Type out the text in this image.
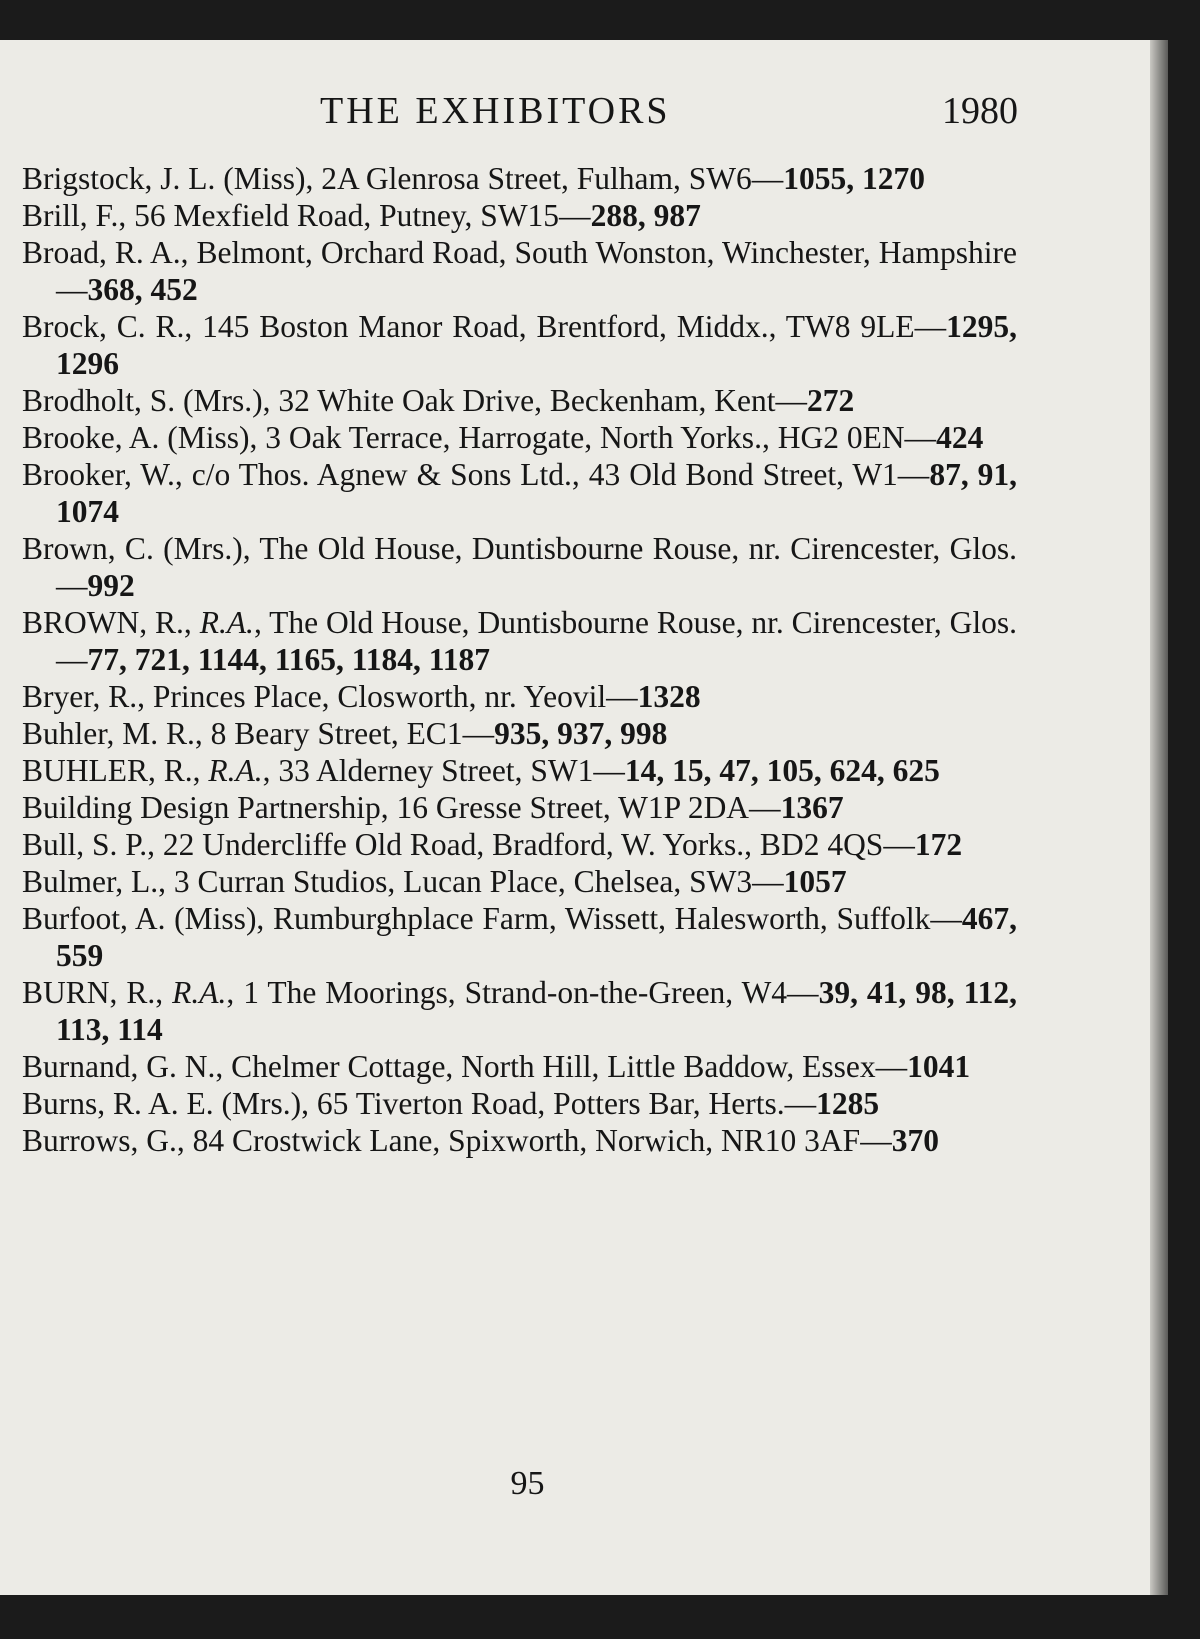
THE EXHIBITORS	1980

Brigstock, J. L. (Miss), 2A Glenrosa Street, Fulham, SW6—1055, 1270

Brill, F., 56 Mexfield Road, Putney, SW15—288, 987

Broad, R. A., Belmont, Orchard Road, South Wonston, Winchester, Hampshire—368, 452

Brock, C. R., 145 Boston Manor Road, Brentford, Middx., TW8 9LE—1295, 1296

Brodholt, S. (Mrs.), 32 White Oak Drive, Beckenham, Kent—272

Brooke, A. (Miss), 3 Oak Terrace, Harrogate, North Yorks., HG2 0EN—424

Brooker, W., c/o Thos. Agnew & Sons Ltd., 43 Old Bond Street, W1—87, 91, 1074

Brown, C. (Mrs.), The Old House, Duntisbourne Rouse, nr. Cirencester, Glos.—992

BROWN, R., R.A., The Old House, Duntisbourne Rouse, nr. Cirencester, Glos.—77, 721, 1144, 1165, 1184, 1187

Bryer, R., Princes Place, Closworth, nr. Yeovil—1328

Buhler, M. R., 8 Beary Street, EC1—935, 937, 998

BUHLER, R., R.A., 33 Alderney Street, SW1—14, 15, 47, 105, 624, 625

Building Design Partnership, 16 Gresse Street, W1P 2DA—1367

Bull, S. P., 22 Undercliffe Old Road, Bradford, W. Yorks., BD2 4QS—172

Bulmer, L., 3 Curran Studios, Lucan Place, Chelsea, SW3—1057

Burfoot, A. (Miss), Rumburghplace Farm, Wissett, Halesworth, Suffolk—467, 559

BURN, R., R.A., 1 The Moorings, Strand-on-the-Green, W4—39, 41, 98, 112, 113, 114

Burnand, G. N., Chelmer Cottage, North Hill, Little Baddow, Essex—1041

Burns, R. A. E. (Mrs.), 65 Tiverton Road, Potters Bar, Herts.—1285

Burrows, G., 84 Crostwick Lane, Spixworth, Norwich, NR10 3AF—370

95
